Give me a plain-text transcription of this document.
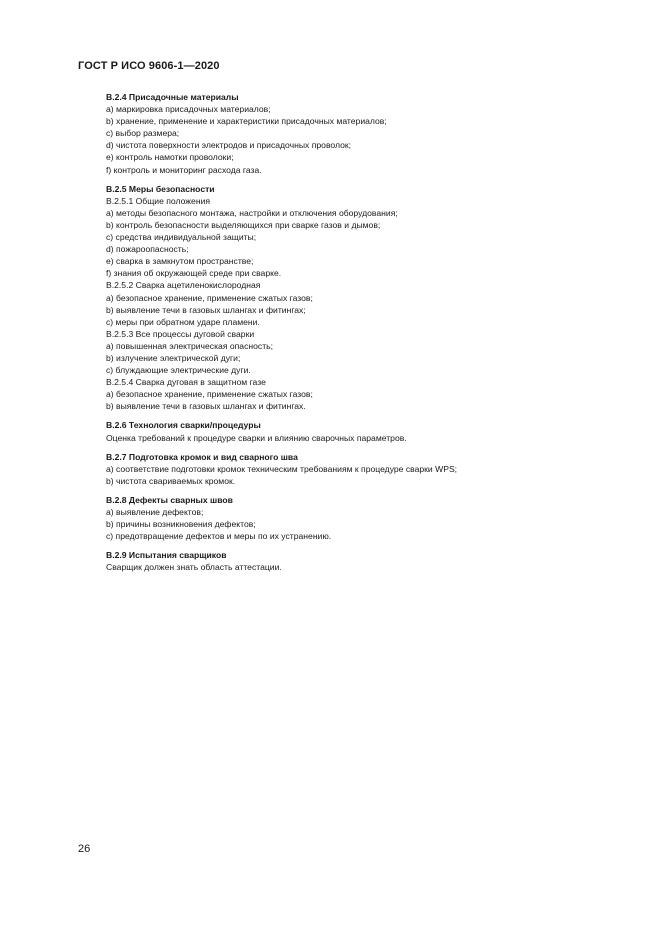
ГОСТ Р ИСО 9606-1—2020
В.2.4 Присадочные материалы
а) маркировка присадочных материалов;
b) хранение, применение и характеристики присадочных материалов;
c) выбор размера;
d) чистота поверхности электродов и присадочных проволок;
e) контроль намотки проволоки;
f) контроль и мониторинг расхода газа.
В.2.5 Меры безопасности
В.2.5.1 Общие положения
а) методы безопасного монтажа, настройки и отключения оборудования;
b) контроль безопасности выделяющихся при сварке газов и дымов;
c) средства индивидуальной защиты;
d) пожароопасность;
e) сварка в замкнутом пространстве;
f) знания об окружающей среде при сварке.
В.2.5.2 Сварка ацетиленокислородная
а) безопасное хранение, применение сжатых газов;
b) выявление течи в газовых шлангах и фитингах;
c) меры при обратном ударе пламени.
В.2.5.3 Все процессы дуговой сварки
а) повышенная электрическая опасность;
b) излучение электрической дуги;
c) блуждающие электрические дуги.
В.2.5.4 Сварка дуговая в защитном газе
а) безопасное хранение, применение сжатых газов;
b) выявление течи в газовых шлангах и фитингах.
В.2.6 Технология сварки/процедуры
Оценка требований к процедуре сварки и влиянию сварочных параметров.
В.2.7 Подготовка кромок и вид сварного шва
а) соответствие подготовки кромок техническим требованиям к процедуре сварки WPS;
b) чистота свариваемых кромок.
В.2.8 Дефекты сварных швов
а) выявление дефектов;
b) причины возникновения дефектов;
c) предотвращение дефектов и меры по их устранению.
В.2.9 Испытания сварщиков
Сварщик должен знать область аттестации.
26
